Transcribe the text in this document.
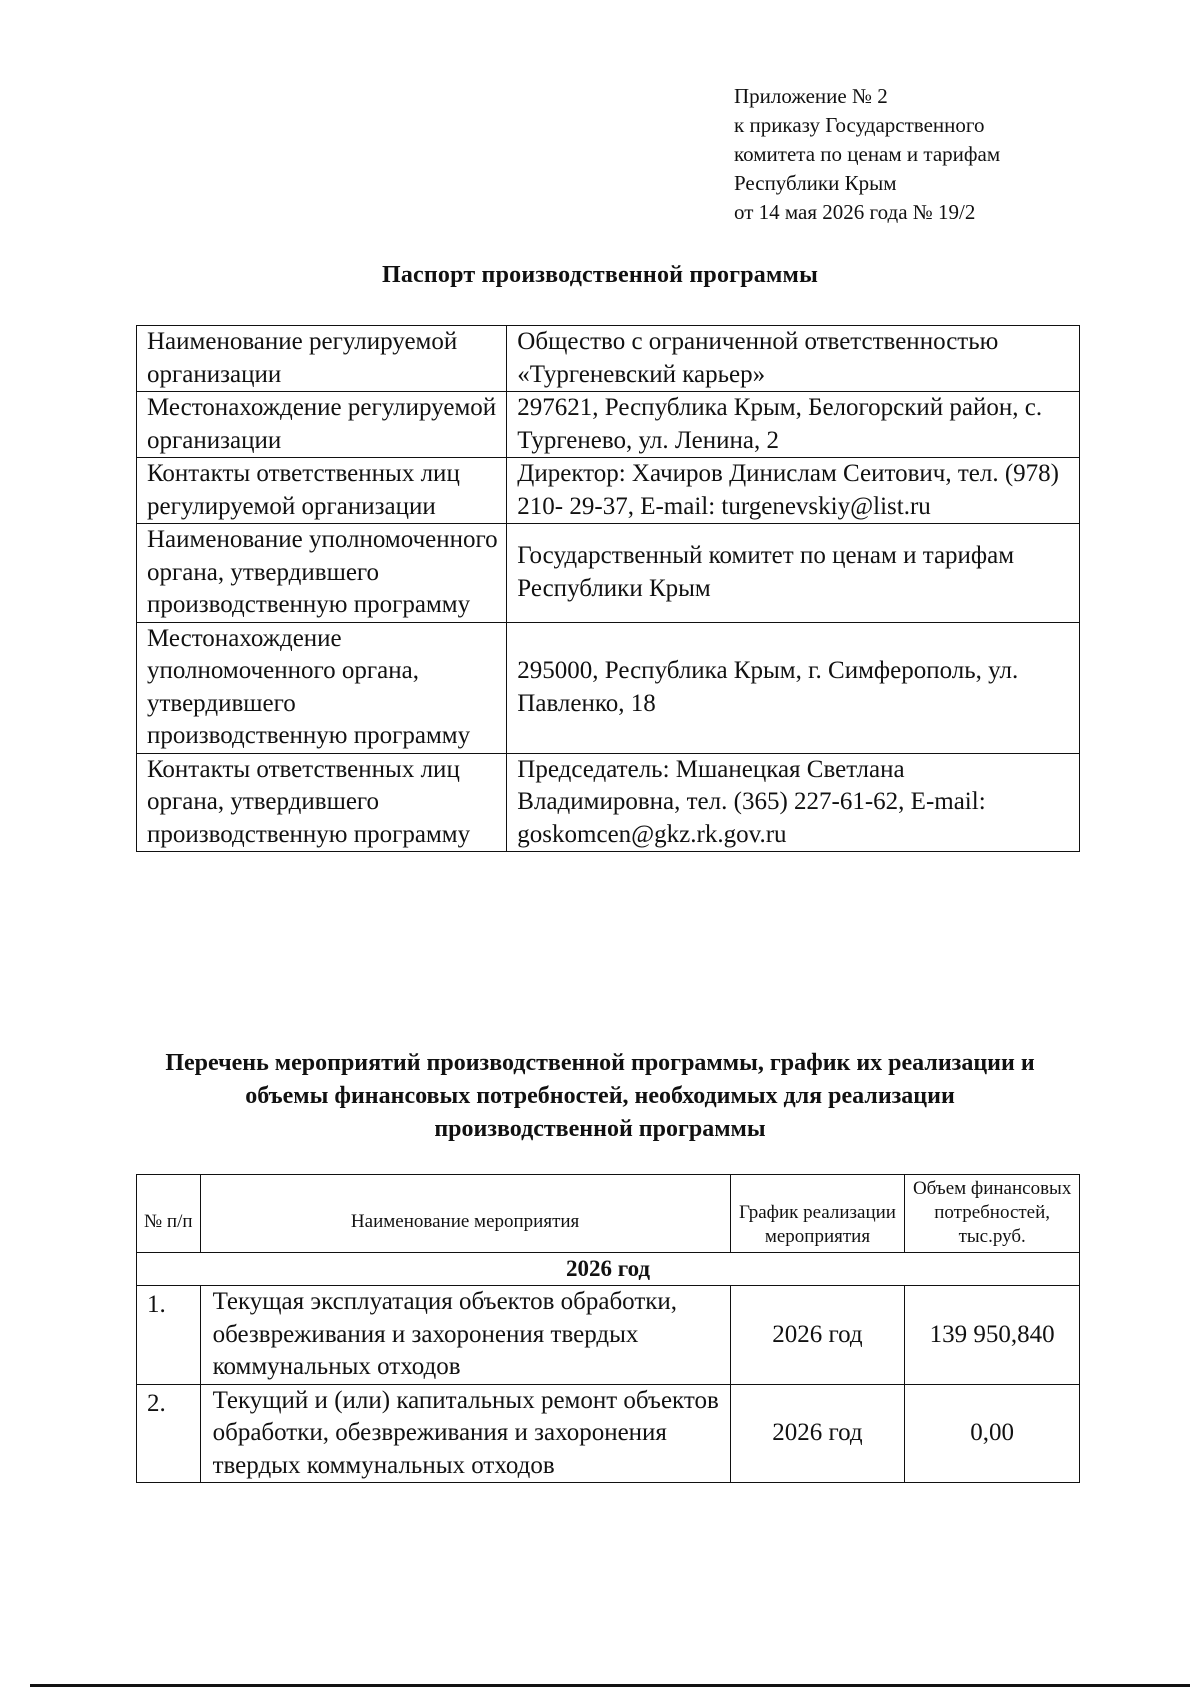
Приложение № 2
к приказу Государственного
комитета по ценам и тарифам
Республики Крым
от 14 мая 2026 года № 19/2
Паспорт производственной программы
Наименование регулируемой организации	Общество с ограниченной ответственностью «Тургеневский карьер»
Местонахождение регулируемой организации	297621, Республика Крым, Белогорский район, с. Тургенево, ул. Ленина, 2
Контакты ответственных лиц регулируемой организации	Директор: Хачиров Динислам Сеитович, тел. (978) 210- 29-37, E-mail: turgenevskiy@list.ru
Наименование уполномоченного органа, утвердившего производственную программу	Государственный комитет по ценам и тарифам Республики Крым
Местонахождение уполномоченного органа, утвердившего производственную программу	295000, Республика Крым, г. Симферополь, ул. Павленко, 18
Контакты ответственных лиц органа, утвердившего производственную программу	Председатель: Мшанецкая Светлана Владимировна, тел. (365) 227-61-62, E-mail: goskomcen@gkz.rk.gov.ru
Перечень мероприятий производственной программы, график их реализации и объемы финансовых потребностей, необходимых для реализации производственной программы
№ п/п	Наименование мероприятия	График реализации мероприятия	Объем финансовых потребностей, тыс.руб.
2026 год			
1.	Текущая эксплуатация объектов обработки, обезвреживания и захоронения твердых коммунальных отходов	2026 год	139 950,840
2.	Текущий и (или) капитальных ремонт объектов обработки, обезвреживания и захоронения твердых коммунальных отходов	2026 год	0,00
